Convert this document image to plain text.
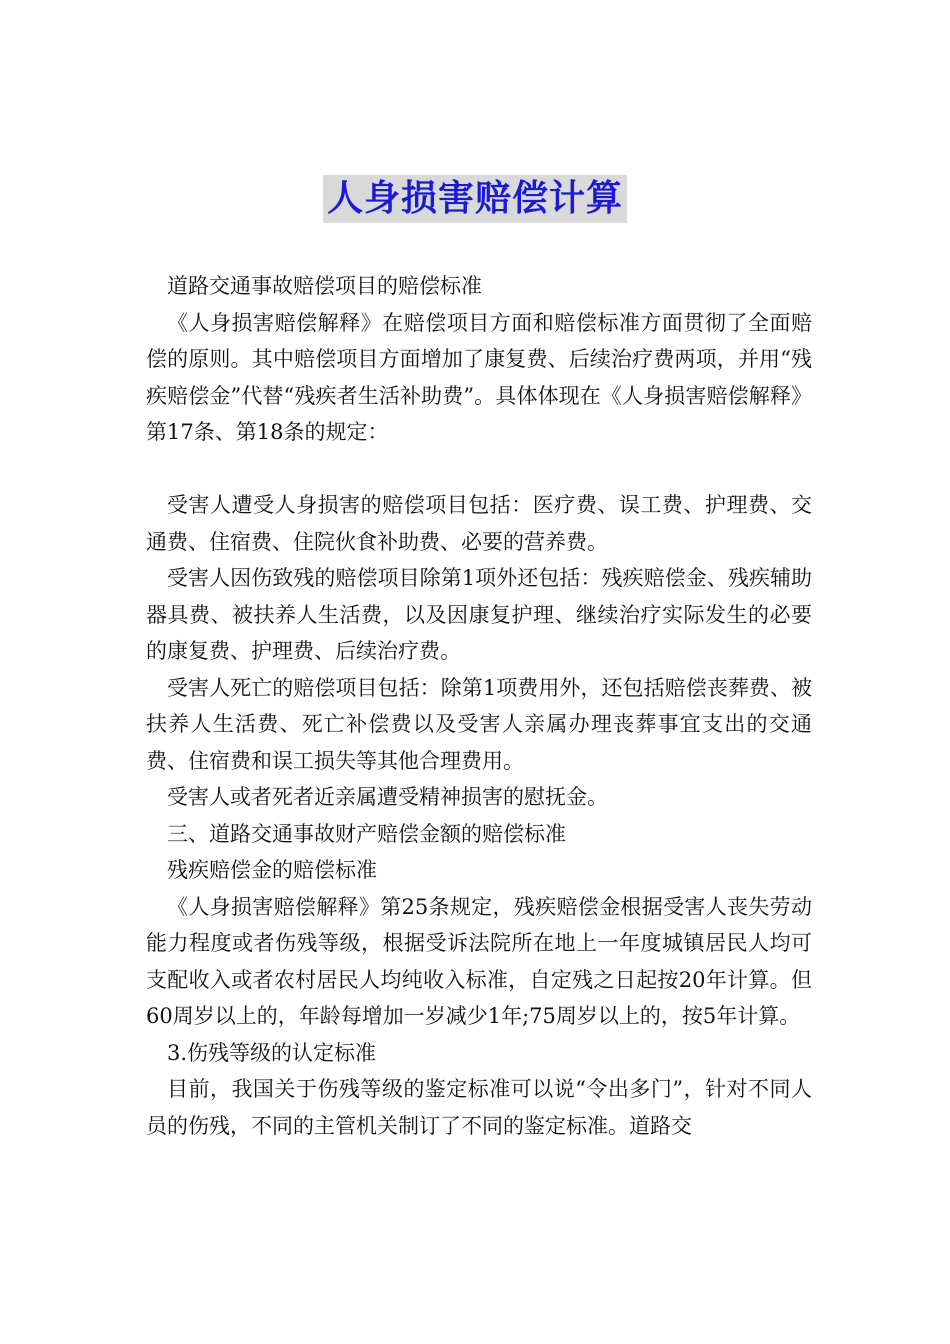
人身损害赔偿计算

道路交通事故赔偿项目的赔偿标准

《人身损害赔偿解释》在赔偿项目方面和赔偿标准方面贯彻了全面赔偿的原则。其中赔偿项目方面增加了康复费、后续治疗费两项，并用“残疾赔偿金”代替“残疾者生活补助费”。具体体现在《人身损害赔偿解释》第17条、第18条的规定：

受害人遭受人身损害的赔偿项目包括：医疗费、误工费、护理费、交通费、住宿费、住院伙食补助费、必要的营养费。

受害人因伤致残的赔偿项目除第1项外还包括：残疾赔偿金、残疾辅助器具费、被扶养人生活费，以及因康复护理、继续治疗实际发生的必要的康复费、护理费、后续治疗费。

受害人死亡的赔偿项目包括：除第1项费用外，还包括赔偿丧葬费、被扶养人生活费、死亡补偿费以及受害人亲属办理丧葬事宜支出的交通费、住宿费和误工损失等其他合理费用。

受害人或者死者近亲属遭受精神损害的慰抚金。

三、道路交通事故财产赔偿金额的赔偿标准

残疾赔偿金的赔偿标准

《人身损害赔偿解释》第25条规定，残疾赔偿金根据受害人丧失劳动能力程度或者伤残等级，根据受诉法院所在地上一年度城镇居民人均可支配收入或者农村居民人均纯收入标准，自定残之日起按20年计算。但60周岁以上的，年龄每增加一岁减少1年;75周岁以上的，按5年计算。

3.伤残等级的认定标准

目前，我国关于伤残等级的鉴定标准可以说“令出多门”，针对不同人员的伤残，不同的主管机关制订了不同的鉴定标准。道路交
